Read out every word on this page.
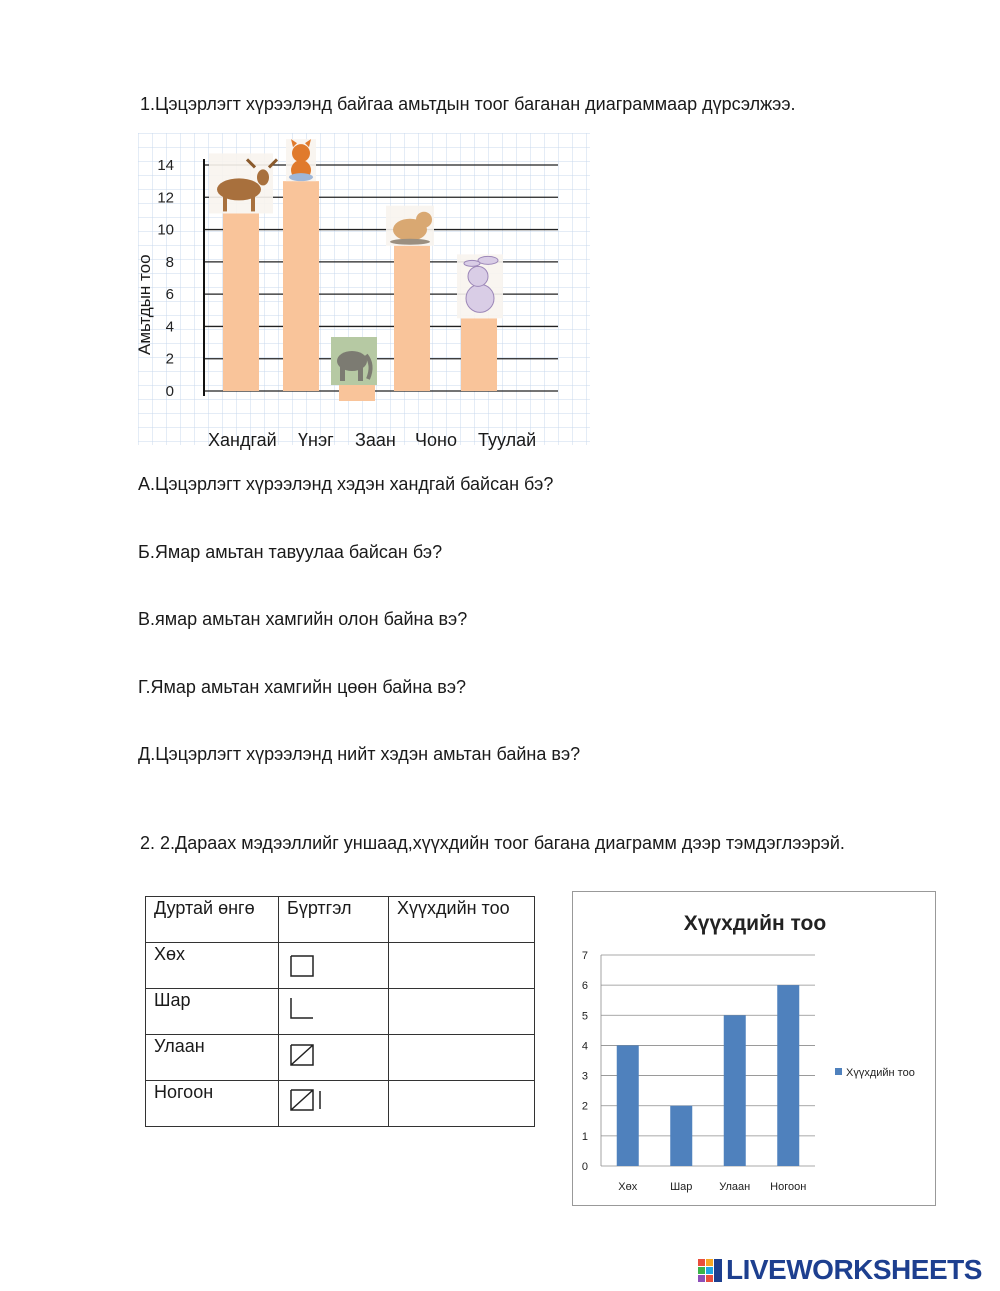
1.Цэцэрлэгт хүрээлэнд байгаа амьтдын тоог баганан диаграммаар дүрсэлжээ.
0
2
4
6
8
10
12
14
Амьтдын тоо
Хандгай Үнэг Заан Чоно Туулай
А.Цэцэрлэгт хүрээлэнд хэдэн хандгай байсан бэ?
Б.Ямар амьтан тавуулаа байсан бэ?
В.ямар амьтан хамгийн олон байна вэ?
Г.Ямар амьтан хамгийн цөөн байна вэ?
Д.Цэцэрлэгт хүрээлэнд нийт хэдэн амьтан байна вэ?
2. 2.Дараах мэдээллийг уншаад,хүүхдийн тоог багана диаграмм дээр тэмдэглээрэй.
Дуртай өнгө	Бүртгэл	Хүүхдийн тоо
Хөх		
Шар		
Улаан		
Ногоон		
Хүүхдийн тоо
0
1
2
3
4
5
6
7
Хөх	Шар Улаан Ногоон
Хүүхдийн тоо
LIVEWORKSHEETS
